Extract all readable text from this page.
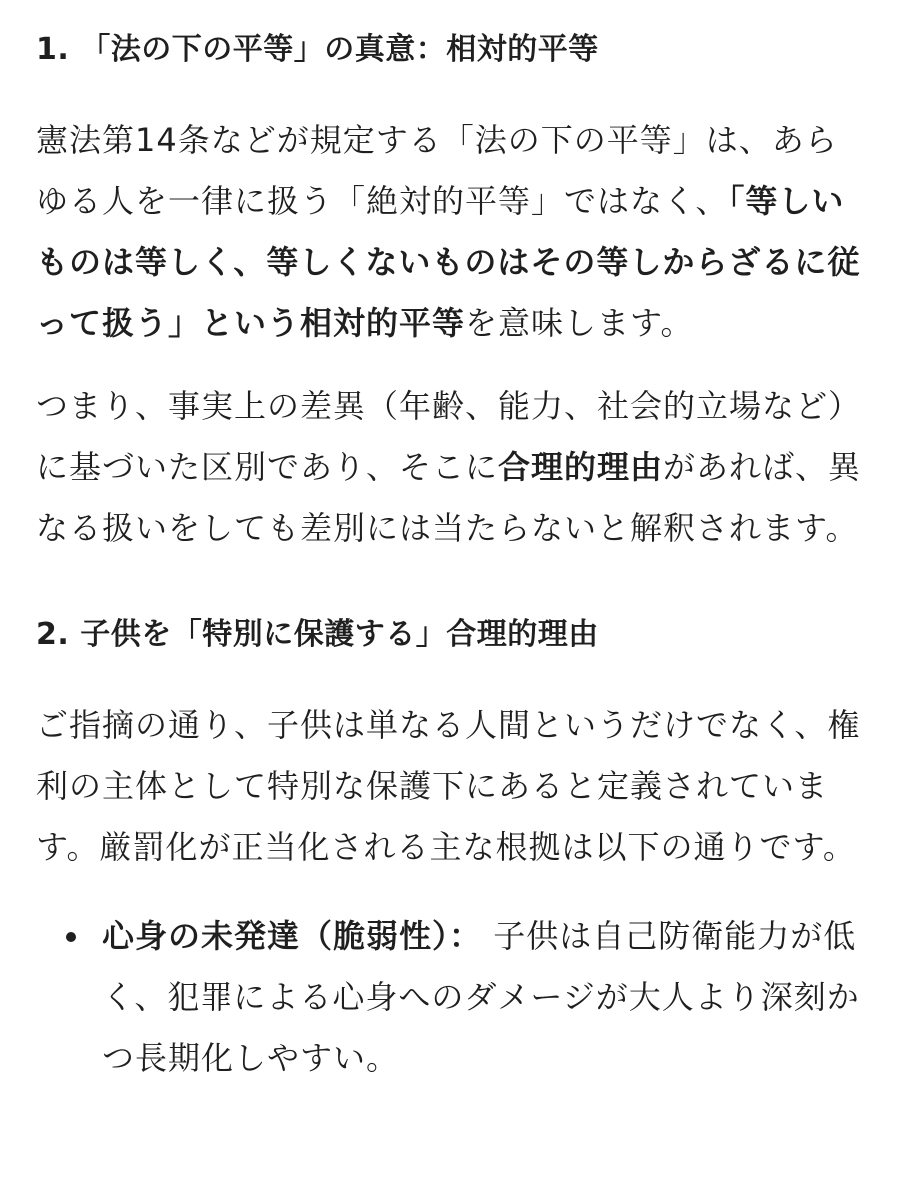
1. 「法の下の平等」の真意：相対的平等

憲法第14条などが規定する「法の下の平等」は、あらゆる人を一律に扱う「絶対的平等」ではなく、「等しいものは等しく、等しくないものはその等しからざるに従って扱う」という相対的平等を意味します。

つまり、事実上の差異（年齢、能力、社会的立場など）に基づいた区別であり、そこに合理的理由があれば、異なる扱いをしても差別には当たらないと解釈されます。

2. 子供を「特別に保護する」合理的理由

ご指摘の通り、子供は単なる人間というだけでなく、権利の主体として特別な保護下にあると定義されています。厳罰化が正当化される主な根拠は以下の通りです。

心身の未発達（脆弱性）： 子供は自己防衛能力が低く、犯罪による心身へのダメージが大人より深刻かつ長期化しやすい。
